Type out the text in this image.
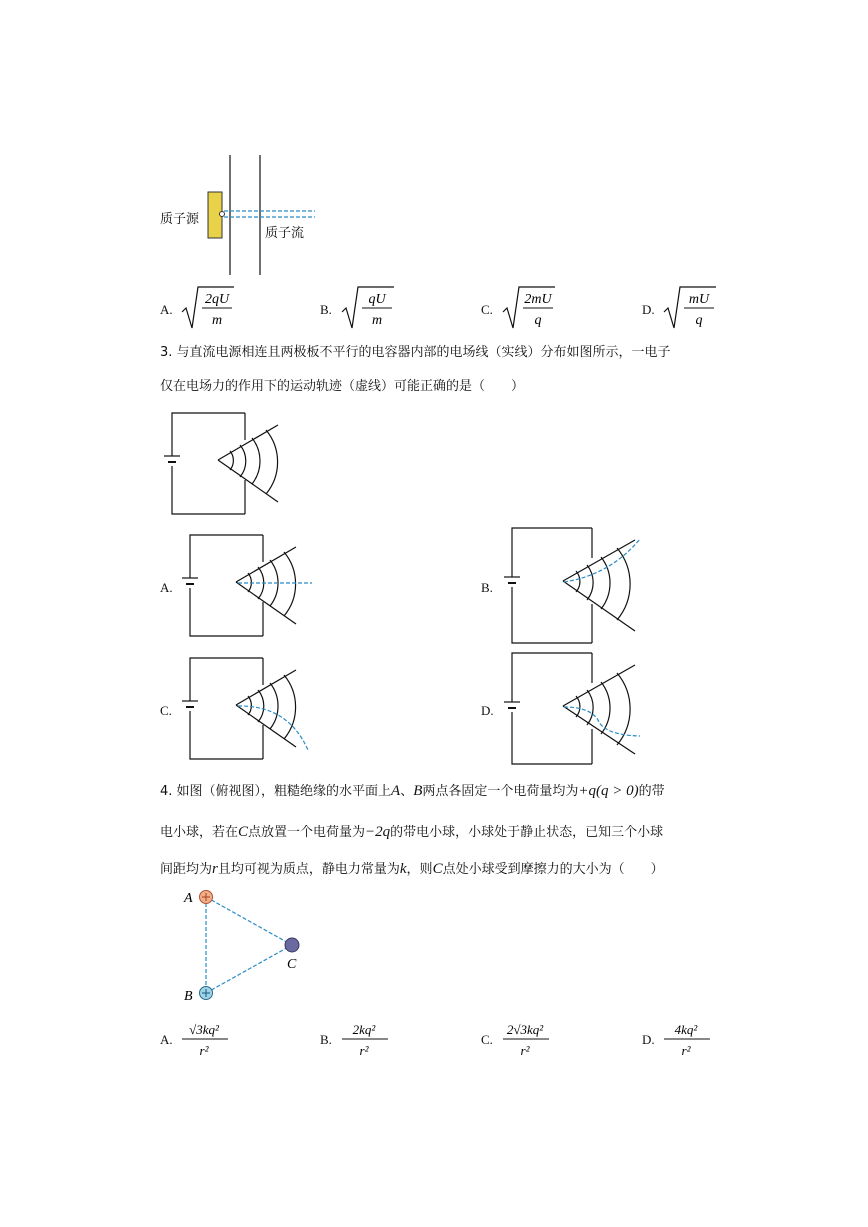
质子源
质子流
A.
2qU
m
B.
qU
m
C.
2mU
q
D.
mU
q
3. 与直流电源相连且两极板不平行的电容器内部的电场线（实线）分布如图所示，一电子
仅在电场力的作用下的运动轨迹（虚线）可能正确的是（　　）
A.	B.
C.	D.
4. 如图（俯视图），粗糙绝缘的水平面上A、B两点各固定一个电荷量均为+q(q > 0)的带
电小球，若在C点放置一个电荷量为−2q的带电小球，小球处于静止状态，已知三个小球
间距均为r且均可视为质点，静电力常量为k，则C点处小球受到摩擦力的大小为（　　）
A
B
C
A.
√3kq²
r²
B.
2kq²
r²
C.
2√3kq²
r²
D.
4kq²
r²
